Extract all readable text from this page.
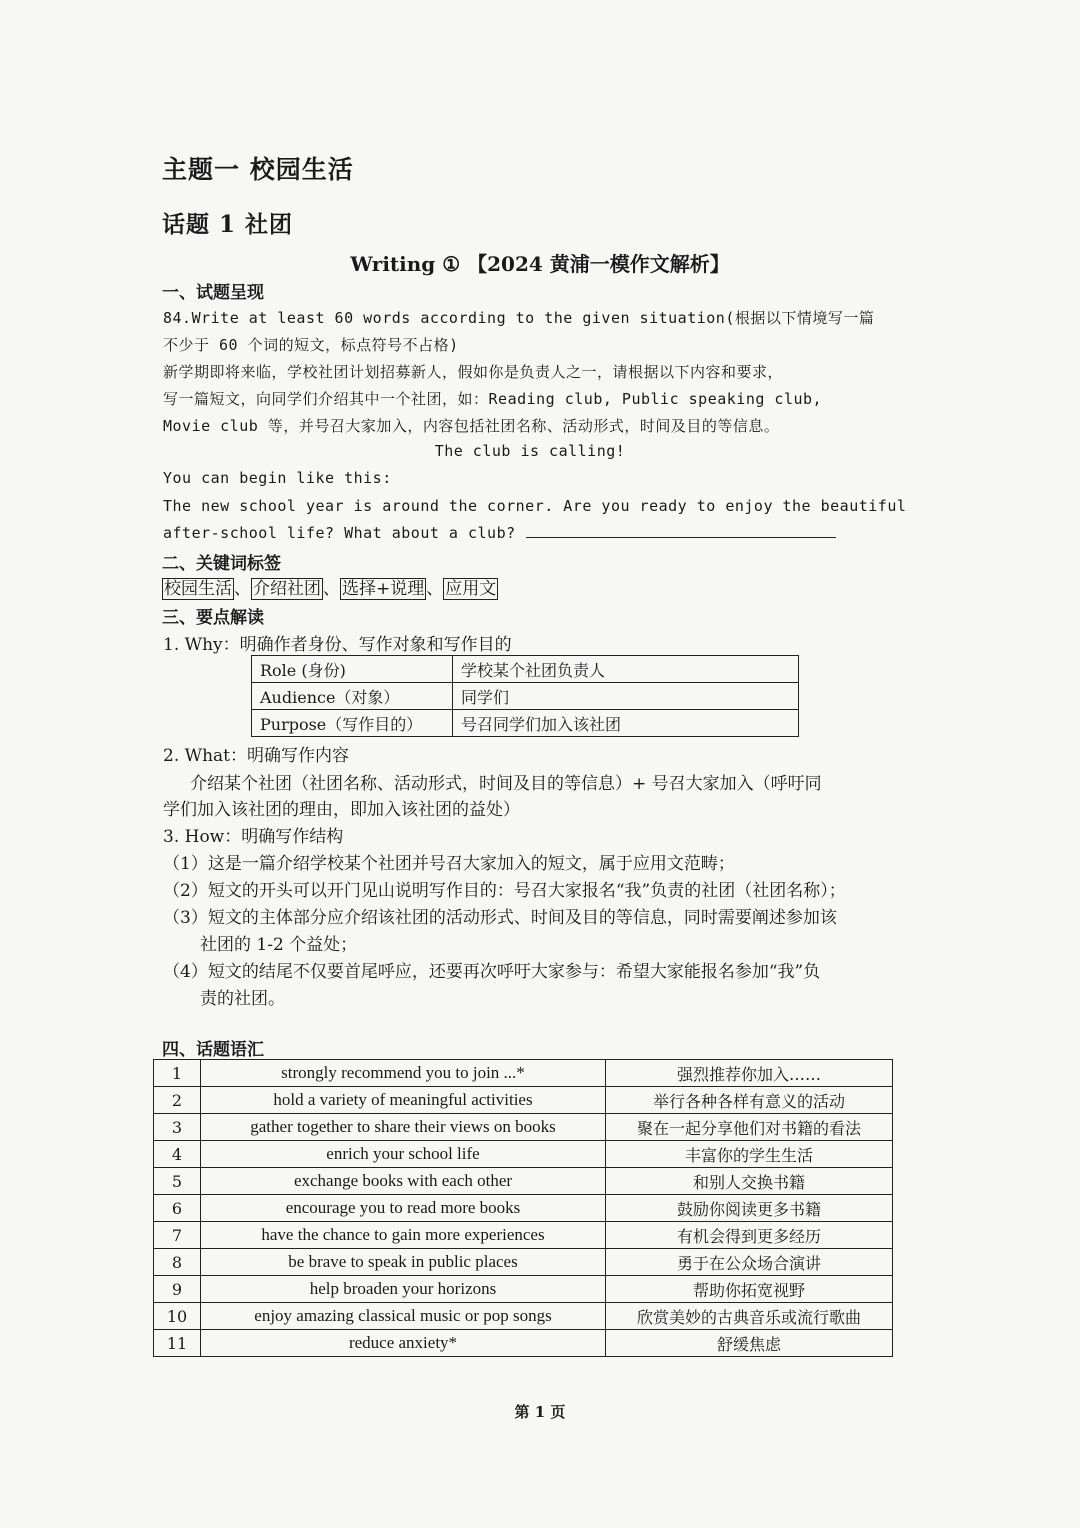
主题一 校园生活
话题 1 社团
Writing ① 【2024 黄浦一模作文解析】
一、试题呈现
84.Write at least 60 words according to the given situation(根据以下情境写一篇
不少于 60 个词的短文，标点符号不占格)
新学期即将来临，学校社团计划招募新人，假如你是负责人之一，请根据以下内容和要求，
写一篇短文，向同学们介绍其中一个社团，如：Reading club, Public speaking club,
Movie club 等，并号召大家加入，内容包括社团名称、活动形式，时间及目的等信息。
The club is calling!
You can begin like this:
The new school year is around the corner. Are you ready to enjoy the beautiful
after-school life? What about a club?
二、关键词标签
校园生活 、 介绍社团 、 选择+说理 、 应用文
三、要点解读
1. Why：明确作者身份、写作对象和写作目的
Role (身份)	学校某个社团负责人
Audience（对象）	同学们
Purpose（写作目的）	号召同学们加入该社团
2. What：明确写作内容
介绍某个社团（社团名称、活动形式，时间及目的等信息）+ 号召大家加入（呼吁同
学们加入该社团的理由，即加入该社团的益处）
3. How：明确写作结构
（1）这是一篇介绍学校某个社团并号召大家加入的短文，属于应用文范畴；
（2）短文的开头可以开门见山说明写作目的：号召大家报名“我”负责的社团（社团名称）；
（3）短文的主体部分应介绍该社团的活动形式、时间及目的等信息，同时需要阐述参加该
社团的 1-2 个益处；
（4）短文的结尾不仅要首尾呼应，还要再次呼吁大家参与：希望大家能报名参加“我”负
责的社团。
四、话题语汇
1	strongly recommend you to join ...*	强烈推荐你加入……
2	hold a variety of meaningful activities	举行各种各样有意义的活动
3	gather together to share their views on books	聚在一起分享他们对书籍的看法
4	enrich your school life	丰富你的学生生活
5	exchange books with each other	和别人交换书籍
6	encourage you to read more books	鼓励你阅读更多书籍
7	have the chance to gain more experiences	有机会得到更多经历
8	be brave to speak in public places	勇于在公众场合演讲
9	help broaden your horizons	帮助你拓宽视野
10	enjoy amazing classical music or pop songs	欣赏美妙的古典音乐或流行歌曲
11	reduce anxiety*	舒缓焦虑
第 1 页
